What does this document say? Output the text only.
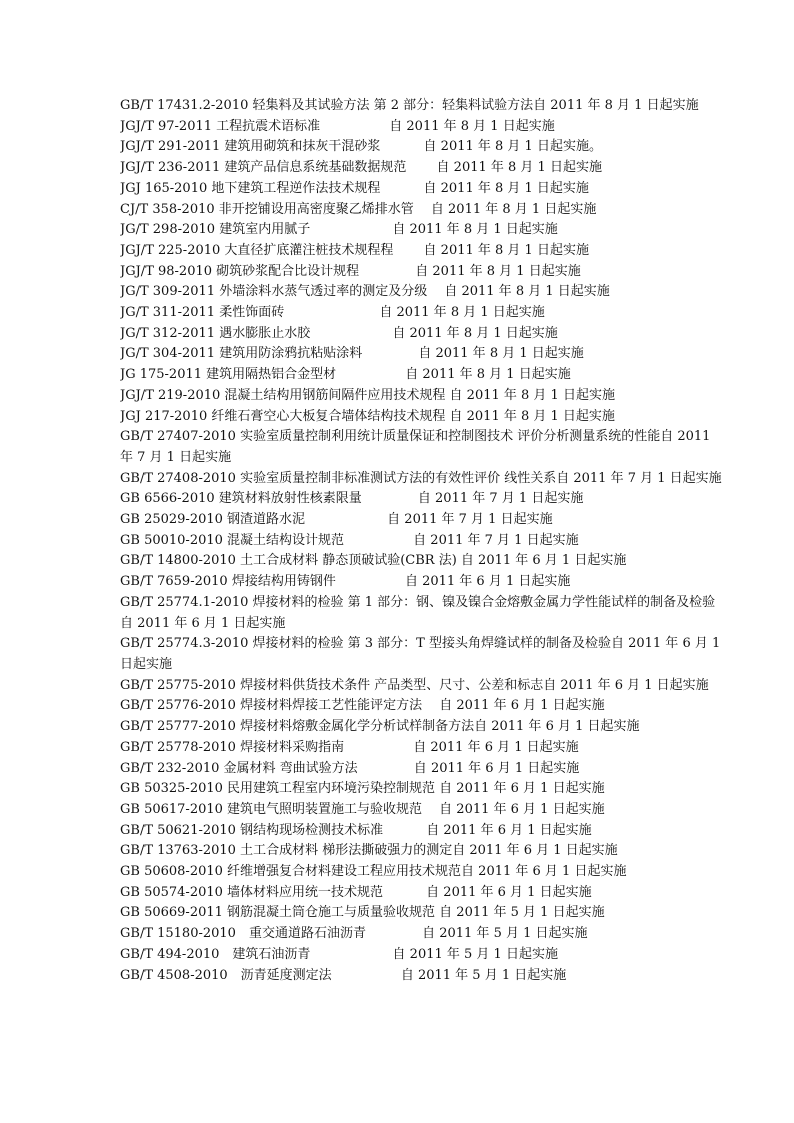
GB/T 17431.2-2010 轻集料及其试验方法 第 2 部分：轻集料试验方法自 2011 年 8 月 1 日起实施

JGJ/T 97-2011 工程抗震术语标准　　　　　 自 2011 年 8 月 1 日起实施

JGJ/T 291-2011 建筑用砌筑和抹灰干混砂浆　　　 自 2011 年 8 月 1 日起实施。

JGJ/T 236-2011 建筑产品信息系统基础数据规范　　 自 2011 年 8 月 1 日起实施

JGJ 165-2010 地下建筑工程逆作法技术规程　　　 自 2011 年 8 月 1 日起实施

CJ/T 358-2010 非开挖铺设用高密度聚乙烯排水管　 自 2011 年 8 月 1 日起实施

JG/T 298-2010 建筑室内用腻子　　　　　　 自 2011 年 8 月 1 日起实施

JGJ/T 225-2010 大直径扩底灌注桩技术规程程　　 自 2011 年 8 月 1 日起实施

JGJ/T 98-2010 砌筑砂浆配合比设计规程　　　　 自 2011 年 8 月 1 日起实施

JG/T 309-2011 外墙涂料水蒸气透过率的测定及分级　 自 2011 年 8 月 1 日起实施

JG/T 311-2011 柔性饰面砖　　　　　　　 自 2011 年 8 月 1 日起实施

JG/T 312-2011 遇水膨胀止水胶　　　　　　 自 2011 年 8 月 1 日起实施

JG/T 304-2011 建筑用防涂鸦抗粘贴涂料　　　　 自 2011 年 8 月 1 日起实施

JG 175-2011 建筑用隔热铝合金型材　　　　　 自 2011 年 8 月 1 日起实施

JGJ/T 219-2010 混凝土结构用钢筋间隔件应用技术规程 自 2011 年 8 月 1 日起实施

JGJ 217-2010 纤维石膏空心大板复合墙体结构技术规程 自 2011 年 8 月 1 日起实施

GB/T 27407-2010 实验室质量控制利用统计质量保证和控制图技术 评价分析测量系统的性能自 2011 年 7 月 1 日起实施

GB/T 27408-2010 实验室质量控制非标准测试方法的有效性评价 线性关系自 2011 年 7 月 1 日起实施

GB 6566-2010 建筑材料放射性核素限量　　　　 自 2011 年 7 月 1 日起实施

GB 25029-2010 钢渣道路水泥　　　　　　 自 2011 年 7 月 1 日起实施

GB 50010-2010 混凝土结构设计规范　　　　　 自 2011 年 7 月 1 日起实施

GB/T 14800-2010 土工合成材料 静态顶破试验(CBR 法) 自 2011 年 6 月 1 日起实施

GB/T 7659-2010 焊接结构用铸钢件　　　　　 自 2011 年 6 月 1 日起实施

GB/T 25774.1-2010 焊接材料的检验 第 1 部分：钢、镍及镍合金熔敷金属力学性能试样的制备及检验自 2011 年 6 月 1 日起实施

GB/T 25774.3-2010 焊接材料的检验 第 3 部分：T 型接头角焊缝试样的制备及检验自 2011 年 6 月 1 日起实施

GB/T 25775-2010 焊接材料供货技术条件 产品类型、尺寸、公差和标志自 2011 年 6 月 1 日起实施

GB/T 25776-2010 焊接材料焊接工艺性能评定方法　 自 2011 年 6 月 1 日起实施

GB/T 25777-2010 焊接材料熔敷金属化学分析试样制备方法自 2011 年 6 月 1 日起实施

GB/T 25778-2010 焊接材料采购指南　　　　　 自 2011 年 6 月 1 日起实施

GB/T 232-2010 金属材料 弯曲试验方法　　　　 自 2011 年 6 月 1 日起实施

GB 50325-2010 民用建筑工程室内环境污染控制规范 自 2011 年 6 月 1 日起实施

GB 50617-2010 建筑电气照明装置施工与验收规范　 自 2011 年 6 月 1 日起实施

GB/T 50621-2010 钢结构现场检测技术标准　　　 自 2011 年 6 月 1 日起实施

GB/T 13763-2010 土工合成材料 梯形法撕破强力的测定自 2011 年 6 月 1 日起实施

GB 50608-2010 纤维增强复合材料建设工程应用技术规范自 2011 年 6 月 1 日起实施

GB 50574-2010 墙体材料应用统一技术规范　　　 自 2011 年 6 月 1 日起实施

GB 50669-2011 钢筋混凝土筒仓施工与质量验收规范 自 2011 年 5 月 1 日起实施

GB/T 15180-2010　重交通道路石油沥青　　　　 自 2011 年 5 月 1 日起实施

GB/T 494-2010　建筑石油沥青　　　　　　 自 2011 年 5 月 1 日起实施

GB/T 4508-2010　沥青延度测定法　　　　　 自 2011 年 5 月 1 日起实施
